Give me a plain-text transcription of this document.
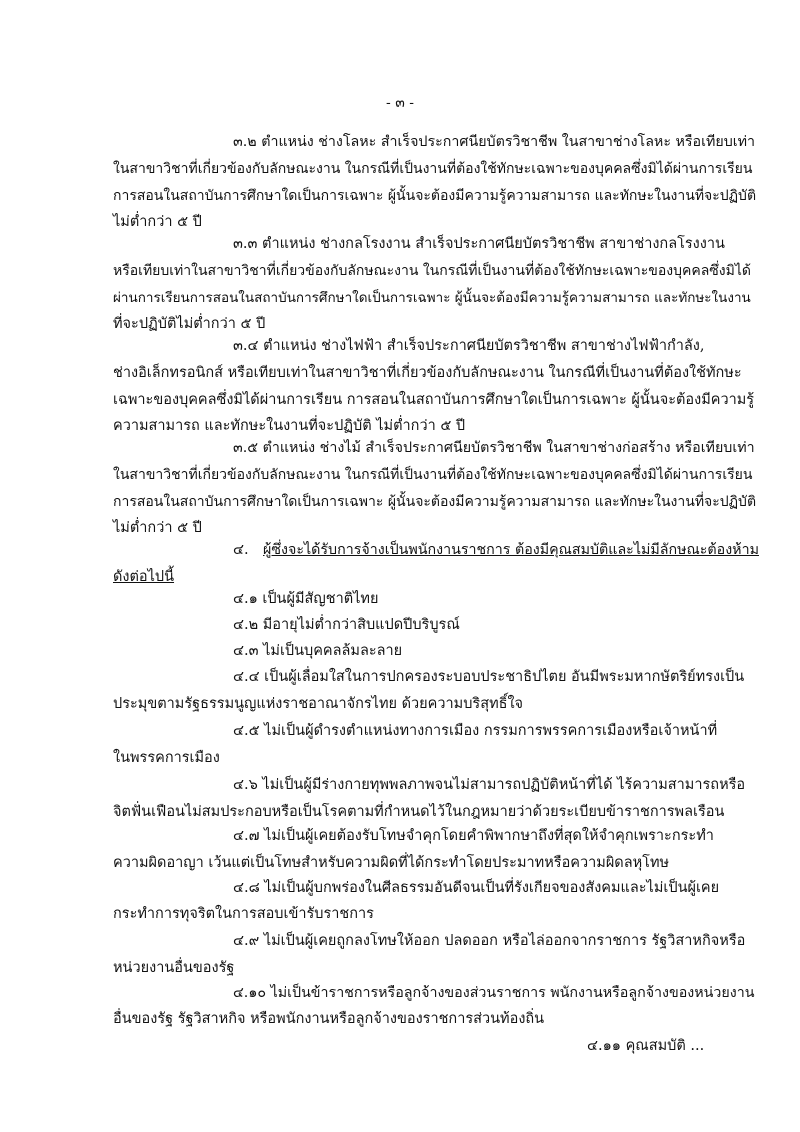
- ๓ -
๓.๒ ตำแหน่ง ช่างโลหะ สำเร็จประกาศนียบัตรวิชาชีพ ในสาขาช่างโลหะ หรือเทียบเท่า
ในสาขาวิชาที่เกี่ยวข้องกับลักษณะงาน ในกรณีที่เป็นงานที่ต้องใช้ทักษะเฉพาะของบุคคลซึ่งมิได้ผ่านการเรียน
การสอนในสถาบันการศึกษาใดเป็นการเฉพาะ ผู้นั้นจะต้องมีความรู้ความสามารถ และทักษะในงานที่จะปฏิบัติ
ไม่ต่ำกว่า ๕ ปี
๓.๓ ตำแหน่ง ช่างกลโรงงาน สำเร็จประกาศนียบัตรวิชาชีพ สาขาช่างกลโรงงาน
หรือเทียบเท่าในสาขาวิชาที่เกี่ยวข้องกับลักษณะงาน ในกรณีที่เป็นงานที่ต้องใช้ทักษะเฉพาะของบุคคลซึ่งมิได้
ผ่านการเรียนการสอนในสถาบันการศึกษาใดเป็นการเฉพาะ ผู้นั้นจะต้องมีความรู้ความสามารถ และทักษะในงาน
ที่จะปฏิบัติไม่ต่ำกว่า ๕ ปี
๓.๔ ตำแหน่ง ช่างไฟฟ้า สำเร็จประกาศนียบัตรวิชาชีพ สาขาช่างไฟฟ้ากำลัง,
ช่างอิเล็กทรอนิกส์ หรือเทียบเท่าในสาขาวิชาที่เกี่ยวข้องกับลักษณะงาน ในกรณีที่เป็นงานที่ต้องใช้ทักษะ
เฉพาะของบุคคลซึ่งมิได้ผ่านการเรียน การสอนในสถาบันการศึกษาใดเป็นการเฉพาะ ผู้นั้นจะต้องมีความรู้
ความสามารถ และทักษะในงานที่จะปฏิบัติ ไม่ต่ำกว่า ๕ ปี
๓.๕ ตำแหน่ง ช่างไม้ สำเร็จประกาศนียบัตรวิชาชีพ ในสาขาช่างก่อสร้าง หรือเทียบเท่า
ในสาขาวิชาที่เกี่ยวข้องกับลักษณะงาน ในกรณีที่เป็นงานที่ต้องใช้ทักษะเฉพาะของบุคคลซึ่งมิได้ผ่านการเรียน
การสอนในสถาบันการศึกษาใดเป็นการเฉพาะ ผู้นั้นจะต้องมีความรู้ความสามารถ และทักษะในงานที่จะปฏิบัติ
ไม่ต่ำกว่า ๕ ปี
๔. ผู้ซึ่งจะได้รับการจ้างเป็นพนักงานราชการ ต้องมีคุณสมบัติและไม่มีลักษณะต้องห้าม
ดังต่อไปนี้
๔.๑ เป็นผู้มีสัญชาติไทย
๔.๒ มีอายุไม่ต่ำกว่าสิบแปดปีบริบูรณ์
๔.๓ ไม่เป็นบุคคลล้มละลาย
๔.๔ เป็นผู้เลื่อมใสในการปกครองระบอบประชาธิปไตย อันมีพระมหากษัตริย์ทรงเป็น
ประมุขตามรัฐธรรมนูญแห่งราชอาณาจักรไทย ด้วยความบริสุทธิ์ใจ
๔.๕ ไม่เป็นผู้ดำรงตำแหน่งทางการเมือง กรรมการพรรคการเมืองหรือเจ้าหน้าที่
ในพรรคการเมือง
๔.๖ ไม่เป็นผู้มีร่างกายทุพพลภาพจนไม่สามารถปฏิบัติหน้าที่ได้ ไร้ความสามารถหรือ
จิตฟั่นเฟือนไม่สมประกอบหรือเป็นโรคตามที่กำหนดไว้ในกฎหมายว่าด้วยระเบียบข้าราชการพลเรือน
๔.๗ ไม่เป็นผู้เคยต้องรับโทษจำคุกโดยคำพิพากษาถึงที่สุดให้จำคุกเพราะกระทำ
ความผิดอาญา เว้นแต่เป็นโทษสำหรับความผิดที่ได้กระทำโดยประมาทหรือความผิดลหุโทษ
๔.๘ ไม่เป็นผู้บกพร่องในศีลธรรมอันดีจนเป็นที่รังเกียจของสังคมและไม่เป็นผู้เคย
กระทำการทุจริตในการสอบเข้ารับราชการ
๔.๙ ไม่เป็นผู้เคยถูกลงโทษให้ออก ปลดออก หรือไล่ออกจากราชการ รัฐวิสาหกิจหรือ
หน่วยงานอื่นของรัฐ
๔.๑๐ ไม่เป็นข้าราชการหรือลูกจ้างของส่วนราชการ พนักงานหรือลูกจ้างของหน่วยงาน
อื่นของรัฐ รัฐวิสาหกิจ หรือพนักงานหรือลูกจ้างของราชการส่วนท้องถิ่น
๔.๑๑ คุณสมบัติ ...
